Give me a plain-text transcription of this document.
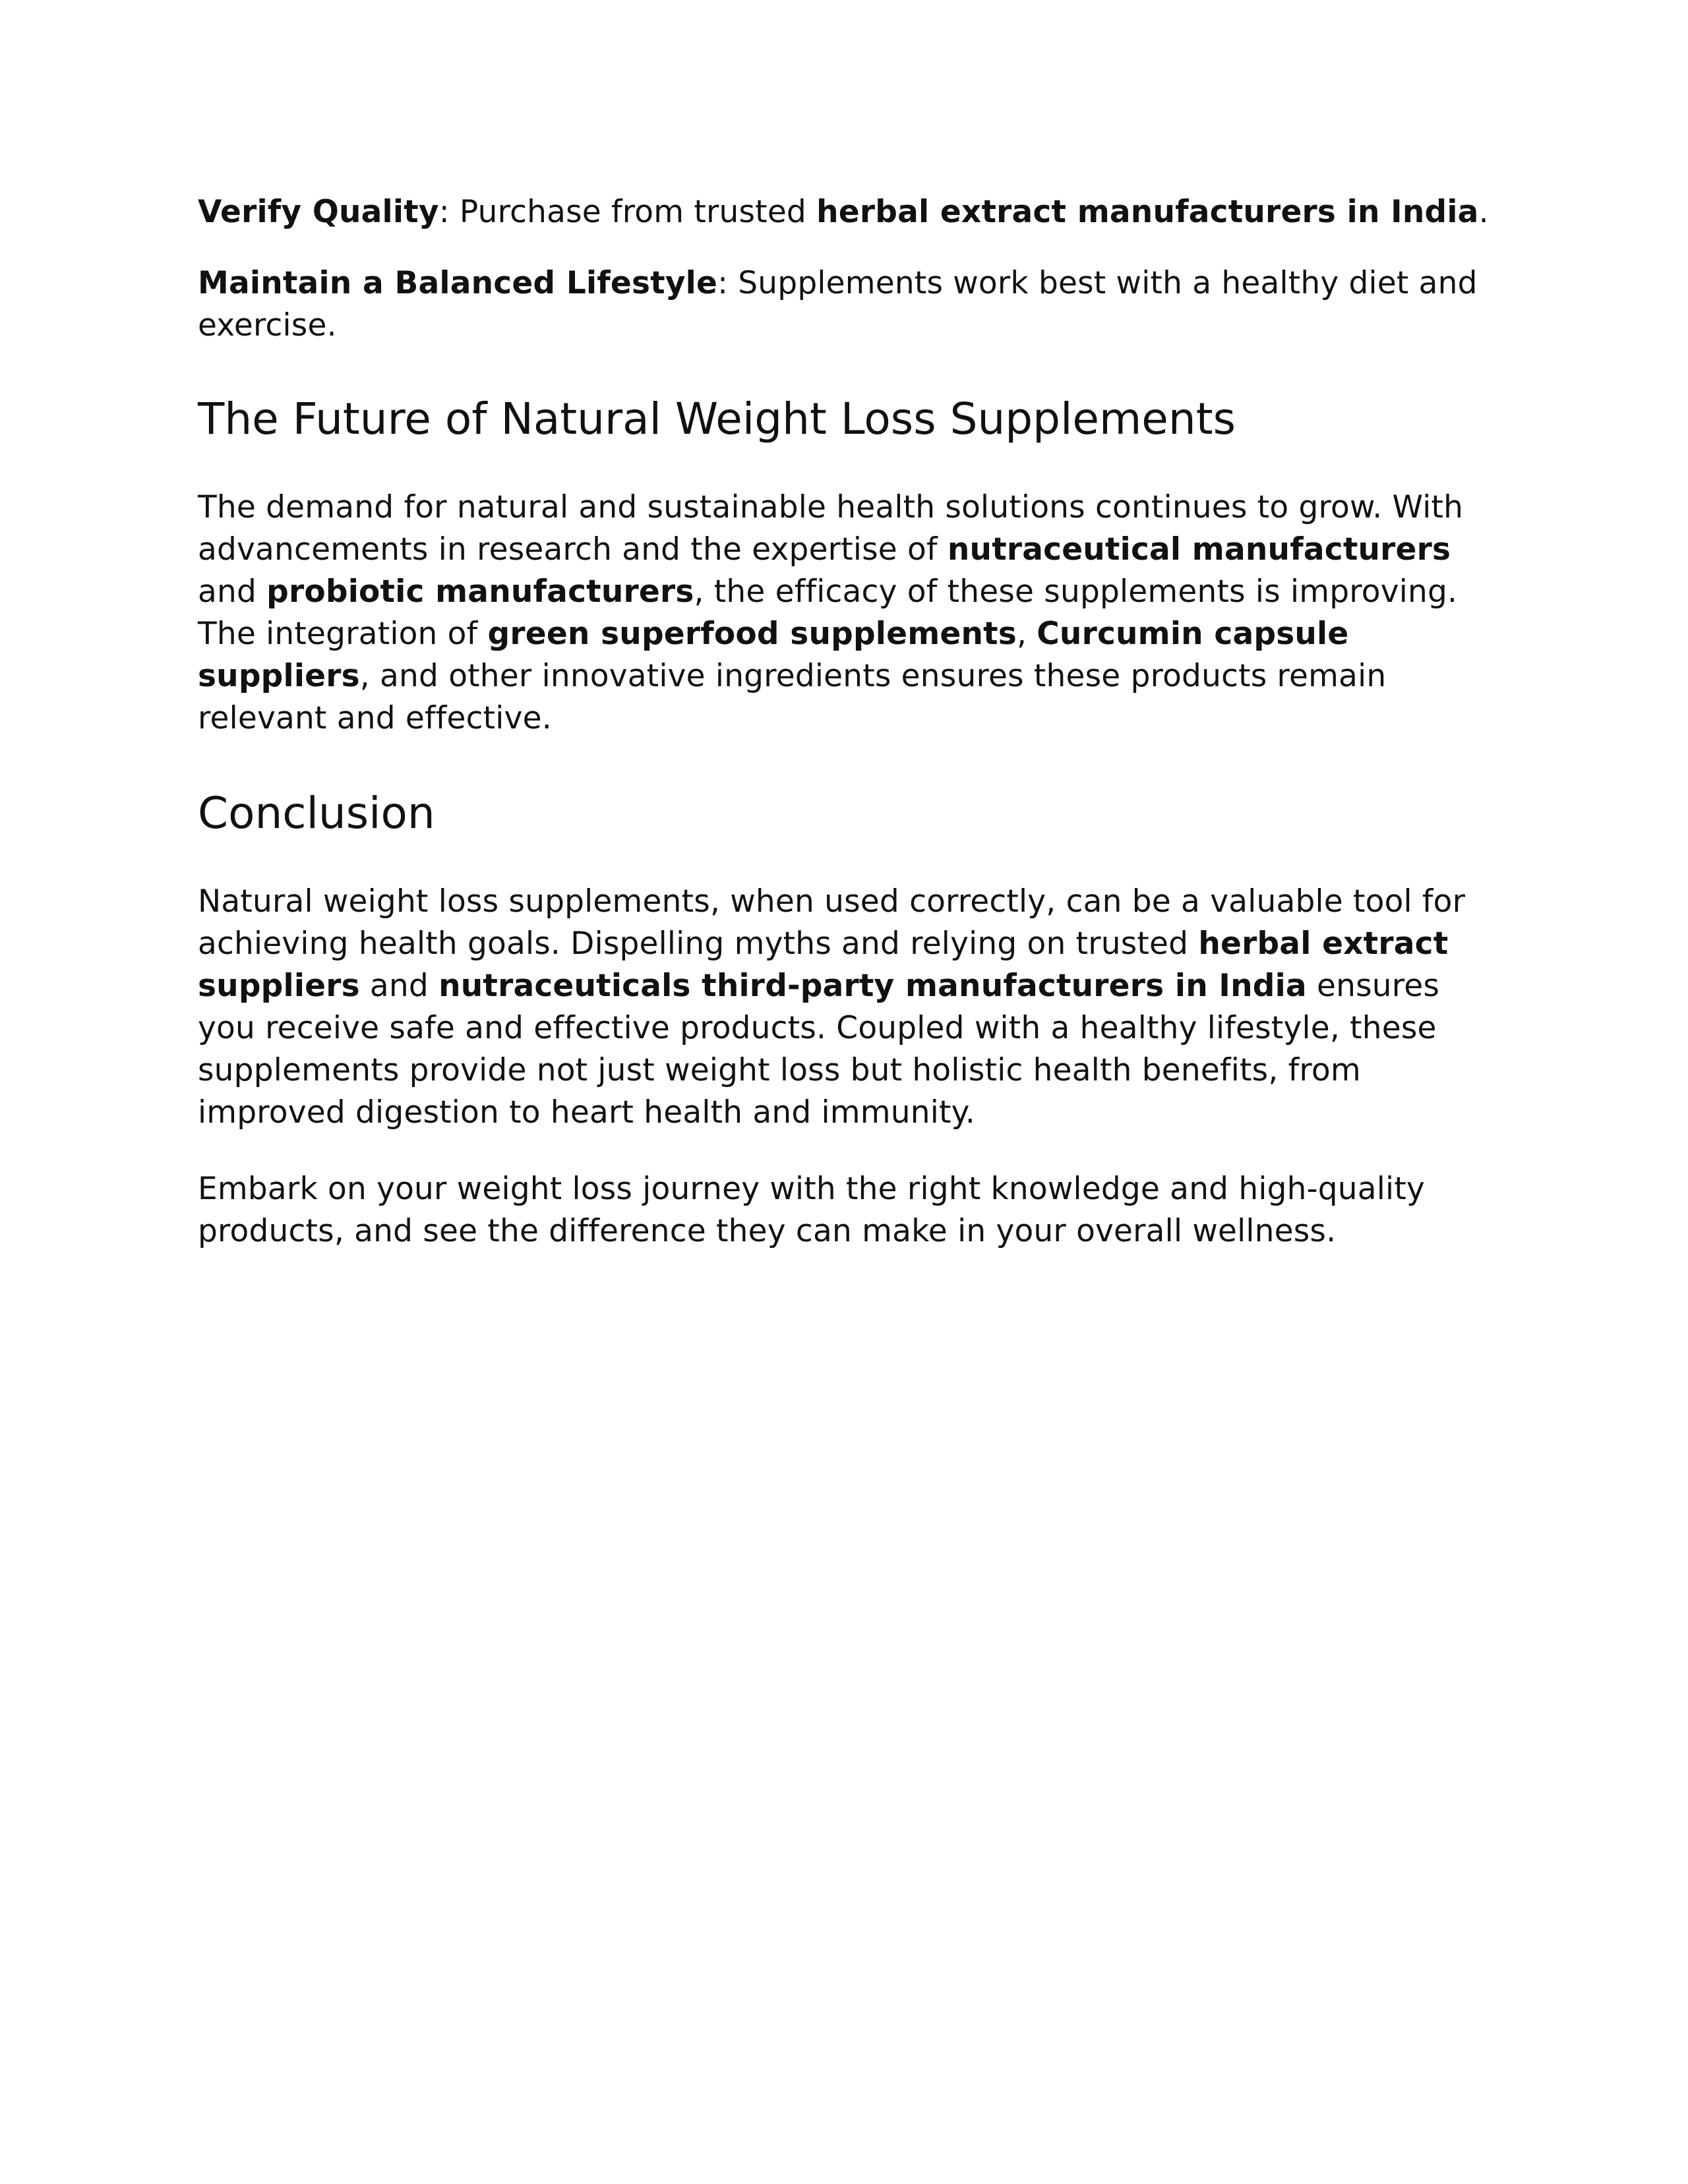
Verify Quality: Purchase from trusted herbal extract manufacturers in India.

Maintain a Balanced Lifestyle: Supplements work best with a healthy diet and exercise.

The Future of Natural Weight Loss Supplements

The demand for natural and sustainable health solutions continues to grow. With advancements in research and the expertise of nutraceutical manufacturers and probiotic manufacturers, the efficacy of these supplements is improving. The integration of green superfood supplements, Curcumin capsule suppliers, and other innovative ingredients ensures these products remain relevant and effective.

Conclusion

Natural weight loss supplements, when used correctly, can be a valuable tool for achieving health goals. Dispelling myths and relying on trusted herbal extract suppliers and nutraceuticals third-party manufacturers in India ensures you receive safe and effective products. Coupled with a healthy lifestyle, these supplements provide not just weight loss but holistic health benefits, from improved digestion to heart health and immunity.

Embark on your weight loss journey with the right knowledge and high-quality products, and see the difference they can make in your overall wellness.
